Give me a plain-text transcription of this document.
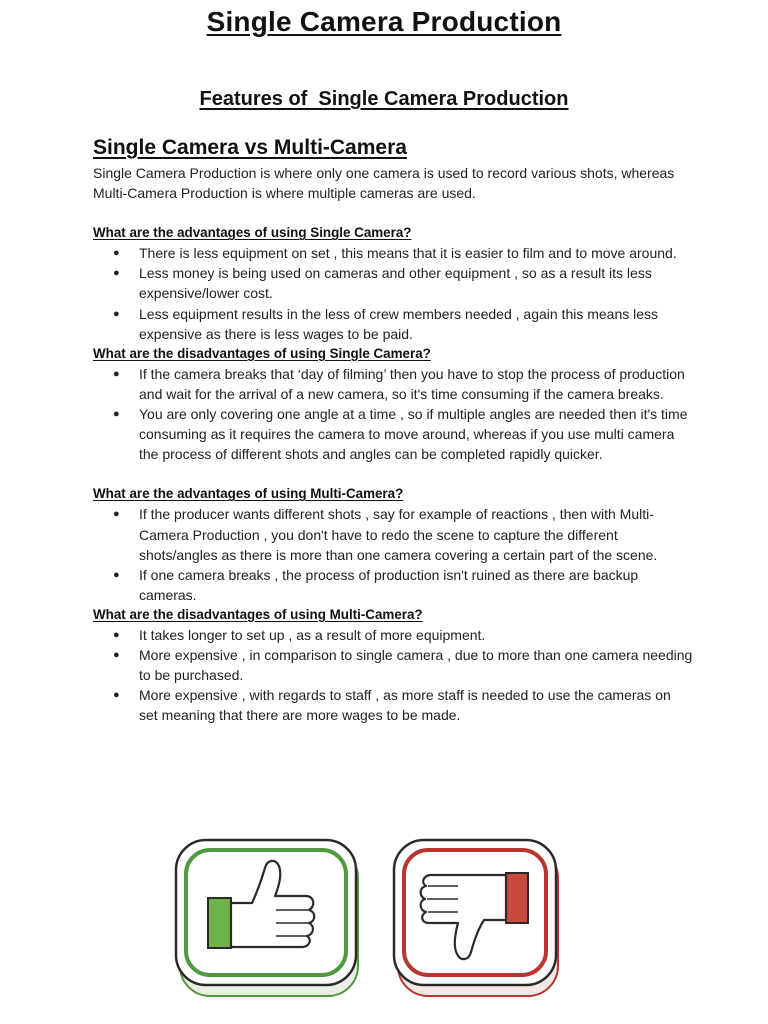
Single Camera Production
Features of  Single Camera Production
Single Camera vs Multi-Camera

Single Camera Production is where only one camera is used to record various shots, whereas Multi-Camera Production is where multiple cameras are used.

What are the advantages of using Single Camera?

● There is less equipment on set , this means that it is easier to film and to move around.
● Less money is being used on cameras and other equipment , so as a result its less expensive/lower cost.
● Less equipment results in the less of crew members needed , again this means less expensive as there is less wages to be paid.

What are the disadvantages of using Single Camera?

● If the camera breaks that ‘day of filming’ then you have to stop the process of production and wait for the arrival of a new camera, so it's time consuming if the camera breaks.
● You are only covering one angle at a time , so if multiple angles are needed then it's time consuming as it requires the camera to move around, whereas if you use multi camera the process of different shots and angles can be completed rapidly quicker.

What are the advantages of using Multi-Camera?

● If the producer wants different shots , say for example of reactions , then with Multi-Camera Production , you don't have to redo the scene to capture the different shots/angles as there is more than one camera covering a certain part of the scene.
● If one camera breaks , the process of production isn't ruined as there are backup cameras.

What are the disadvantages of using Multi-Camera?

● It takes longer to set up , as a result of more equipment.
● More expensive , in comparison to single camera , due to more than one camera needing to be purchased.
● More expensive , with regards to staff , as more staff is needed to use the cameras on set meaning that there are more wages to be made.
